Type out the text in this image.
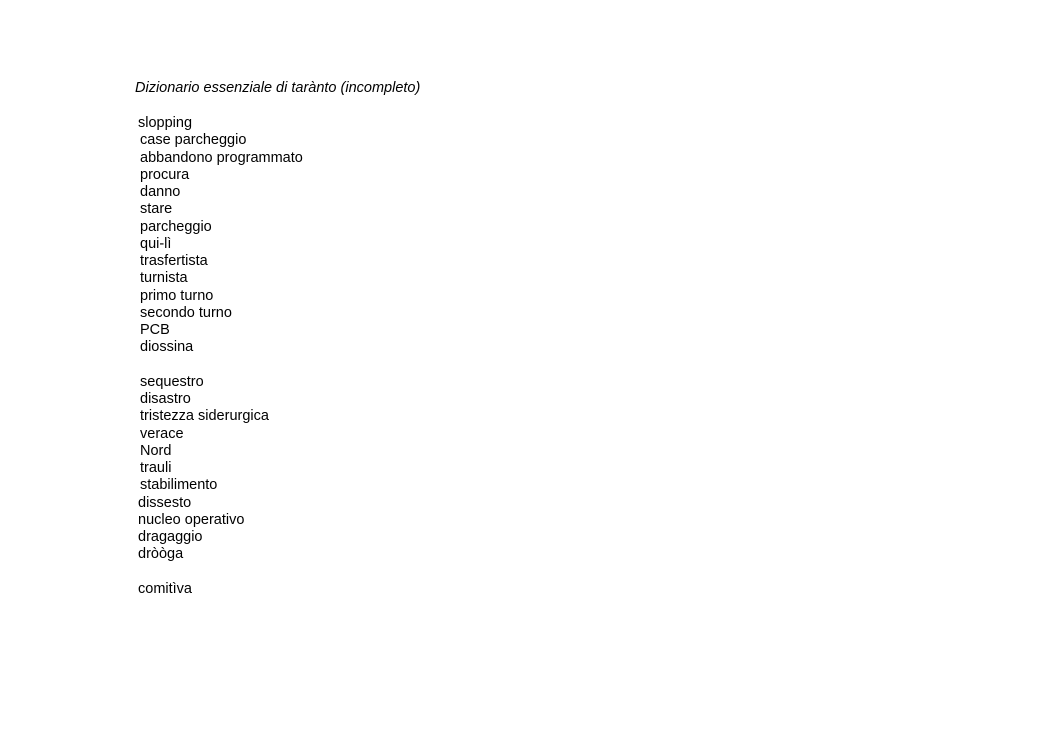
Dizionario essenziale di tarànto (incompleto)
slopping
case parcheggio
abbandono programmato
procura
danno
stare
parcheggio
qui-lì
trasfertista
turnista
primo turno
secondo turno
PCB
diossina
sequestro
disastro
tristezza siderurgica
verace
Nord
trauli
stabilimento
dissesto
nucleo operativo
dragaggio
dròòga
comitìva
